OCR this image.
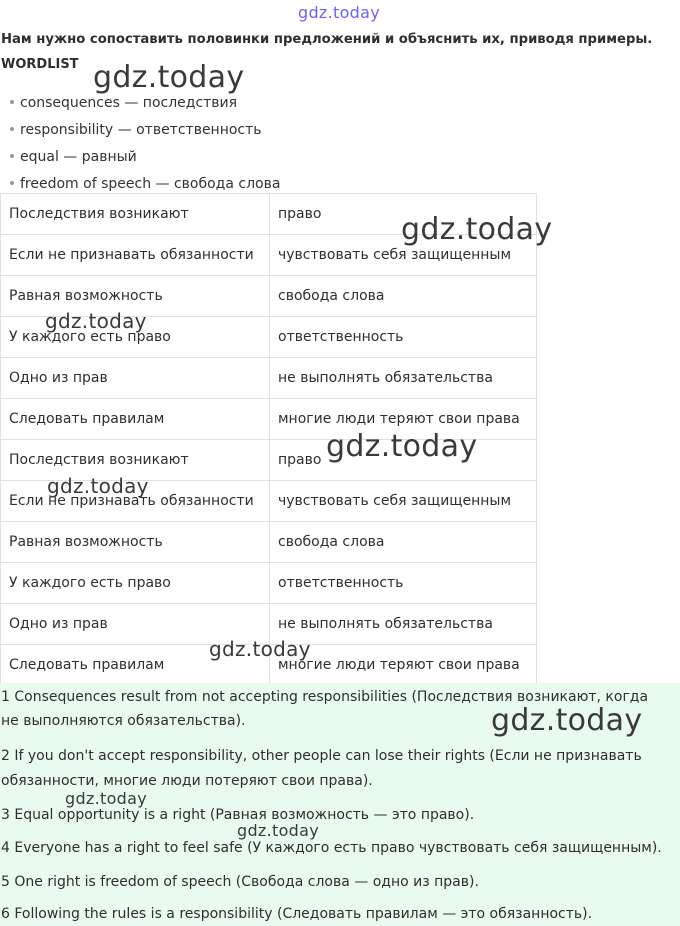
gdz.today
Нам нужно сопоставить половинки предложений и объяснить их, приводя примеры.
WORDLIST
consequences — последствия
responsibility — ответственность
equal — равный
freedom of speech — свобода слова
Последствия возникают	право
Если не признавать обязанности	чувствовать себя защищенным
Равная возможность	свобода слова
У каждого есть право	ответственность
Одно из прав	не выполнять обязательства
Следовать правилам	многие люди теряют свои права
Последствия возникают	право
Если не признавать обязанности	чувствовать себя защищенным
Равная возможность	свобода слова
У каждого есть право	ответственность
Одно из прав	не выполнять обязательства
Следовать правилам	многие люди теряют свои права

1 Consequences result from not accepting responsibilities (Последствия возникают, когда

не выполняются обязательства).

2 If you don't accept responsibility, other people can lose their rights (Если не признавать

обязанности, многие люди потеряют свои права).

3 Equal opportunity is a right (Равная возможность — это право).

4 Everyone has a right to feel safe (У каждого есть право чувствовать себя защищенным).

5 One right is freedom of speech (Свобода слова — одно из прав).

6 Following the rules is a responsibility (Следовать правилам — это обязанность).

gdz.today
gdz.today
gdz.today
gdz.today
gdz.today
gdz.today
gdz.today
gdz.today
gdz.today
